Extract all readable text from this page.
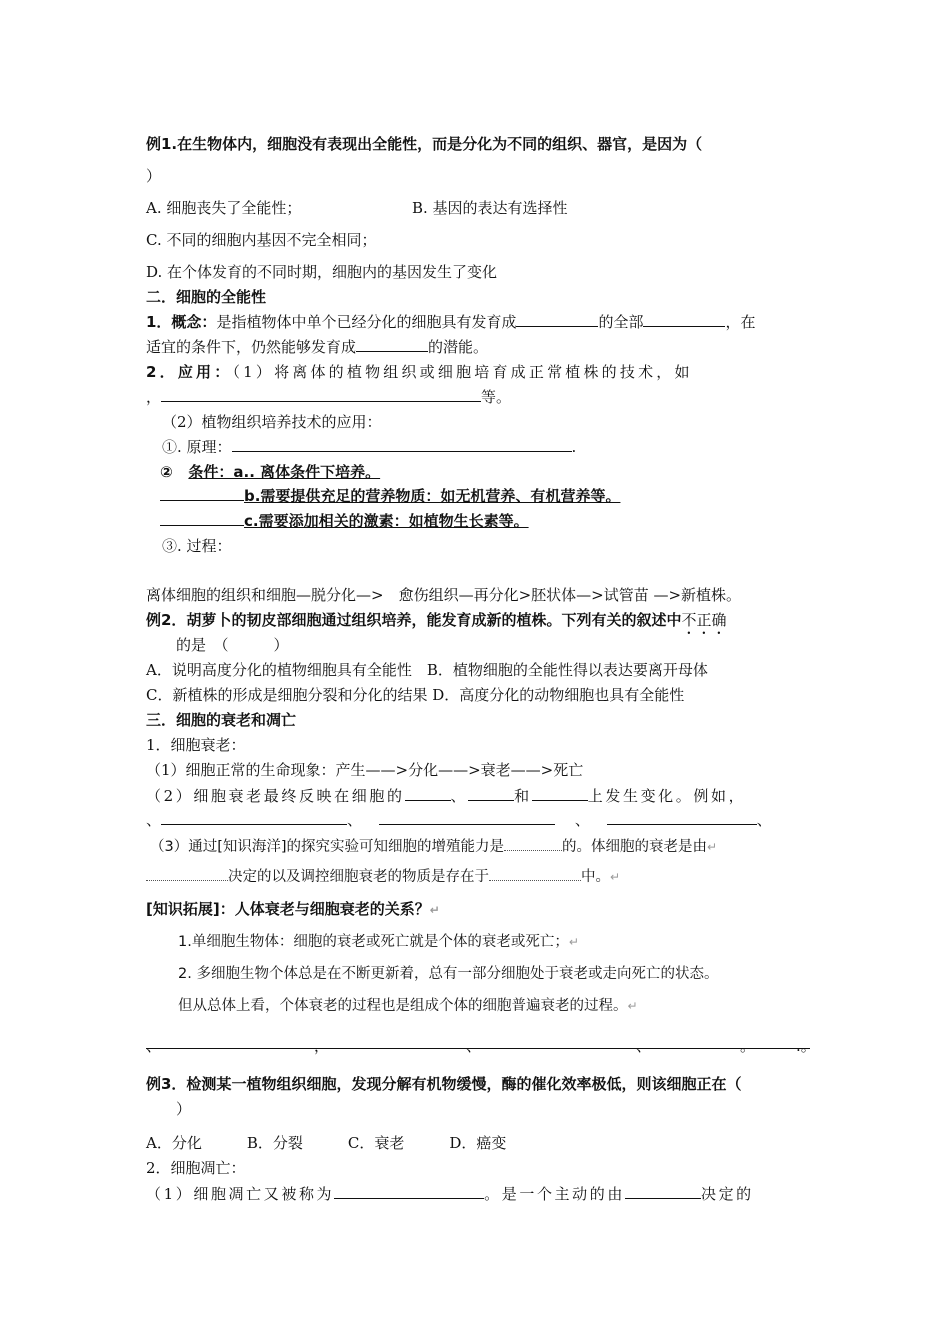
例1.在生物体内，细胞没有表现出全能性，而是分化为不同的组织、器官，是因为（
）
A. 细胞丧失了全能性；	B. 基因的表达有选择性
C. 不同的细胞内基因不完全相同；
D. 在个体发育的不同时期，细胞内的基因发生了变化
二．细胞的全能性
1．概念：是指植物体中单个已经分化的细胞具有发育成	的全部	，在
适宜的条件下，仍然能够发育成	的潜能。
2．应用：（1）将离体的植物组织或细胞培育成正常植株的技术，如
，	等。
（2）植物组织培养技术的应用：
①. 原理：	.
② 条件：a.. 离体条件下培养。
b.需要提供充足的营养物质：如无机营养、有机营养等。
c.需要添加相关的激素：如植物生长素等。
③. 过程：
离体细胞的组织和细胞—脱分化—>　愈伤组织—再分化>胚状体—>试管苗 —>新植株。
例2．胡萝卜的韧皮部细胞通过组织培养，能发育成新的植株。下列有关的叙述中不正确
的是　（　　　）
A．说明高度分化的植物细胞具有全能性　B．植物细胞的全能性得以表达要离开母体
C．新植株的形成是细胞分裂和分化的结果 D．高度分化的动物细胞也具有全能性
三．细胞的衰老和凋亡
1．细胞衰老：
（1）细胞正常的生命现象：产生——>分化——>衰老——>死亡
（2）细胞衰老最终反映在细胞的	、	和	上发生变化。例如，
、	、	、	、
（3）通过[知识海洋]的探究实验可知细胞的增殖能力是	的。体细胞的衰老是由↵
决定的以及调控细胞衰老的物质是存在于	中。↵
[知识拓展]：人体衰老与细胞衰老的关系？↵
1.单细胞生物体：细胞的衰老或死亡就是个体的衰老或死亡；↵
2. 多细胞生物个体总是在不断更新着，总有一部分细胞处于衰老或走向死亡的状态。
但从总体上看，个体衰老的过程也是组成个体的细胞普遍衰老的过程。↵
、	，	、	、	。	.。
例3．检测某一植物组织细胞，发现分解有机物缓慢，酶的催化效率极低，则该细胞正在（
）
A．分化　　　B．分裂　　　C．衰老　　　D．癌变
2．细胞凋亡：
（1）细胞凋亡又被称为	。是一个主动的由	决定的
